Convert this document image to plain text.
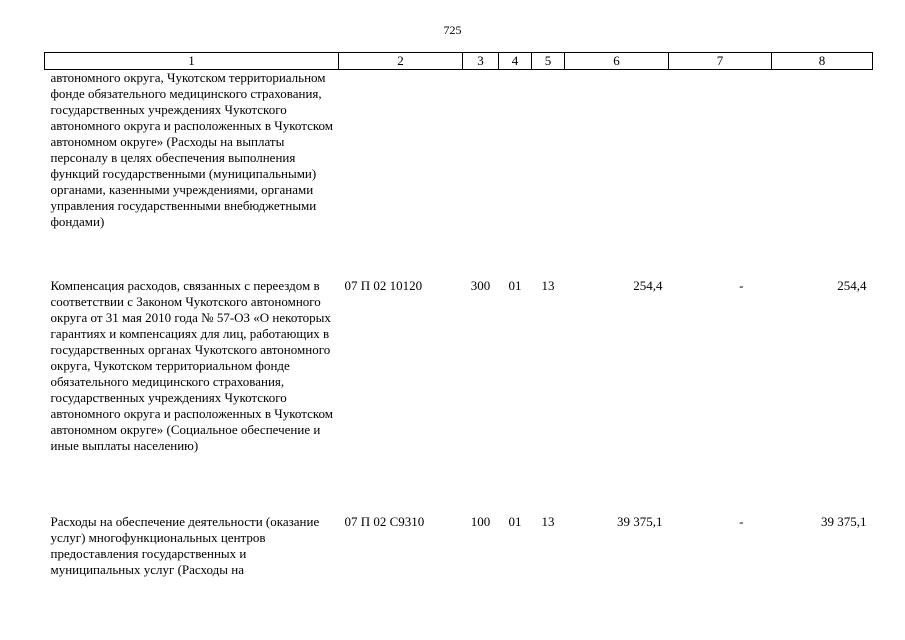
725
1	2	3	4	5	6	7	8
автономного округа, Чукотском территориальном фонде обязательного медицинского страхования, государственных учреждениях Чукотского автономного округа и расположенных в Чукотском автономном округе» (Расходы на выплаты персоналу в целях обеспечения выполнения функций государственными (муниципальными) органами, казенными учреждениями, органами управления государственными внебюджетными фондами)							
Компенсация расходов, связанных с переездом в соответствии с Законом Чукотского автономного округа от 31 мая 2010 года № 57-ОЗ «О некоторых гарантиях и компенсациях для лиц, работающих в государственных органах Чукотского автономного округа, Чукотском территориальном фонде обязательного медицинского страхования, государственных учреждениях Чукотского автономного округа и расположенных в Чукотском автономном округе» (Социальное обеспечение и иные выплаты населению)	07 П 02 10120	300	01	13	254,4	-	254,4
Расходы на обеспечение деятельности (оказание услуг) многофункциональных центров предоставления государственных и муниципальных услуг (Расходы на	07 П 02 С9310	100	01	13	39 375,1	-	39 375,1
